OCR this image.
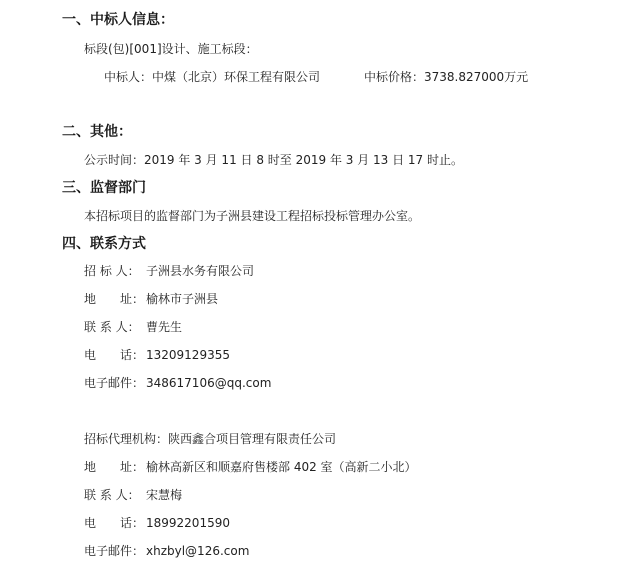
一、中标人信息：
标段(包)[001]设计、施工标段：
中标人：中煤（北京）环保工程有限公司	中标价格：3738.827000万元
二、其他：
公示时间：2019 年 3 月 11 日 8 时至 2019 年 3 月 13 日 17 时止。
三、监督部门
本招标项目的监督部门为子洲县建设工程招标投标管理办公室。
四、联系方式
招 标 人： 子洲县水务有限公司
地　　址： 榆林市子洲县
联 系 人： 曹先生
电　　话： 13209129355
电子邮件： 348617106@qq.com
招标代理机构：陕西鑫合项目管理有限责任公司
地　　址： 榆林高新区和顺嘉府售楼部 402 室（高新二小北）
联 系 人： 宋慧梅
电　　话： 18992201590
电子邮件： xhzbyl@126.com
